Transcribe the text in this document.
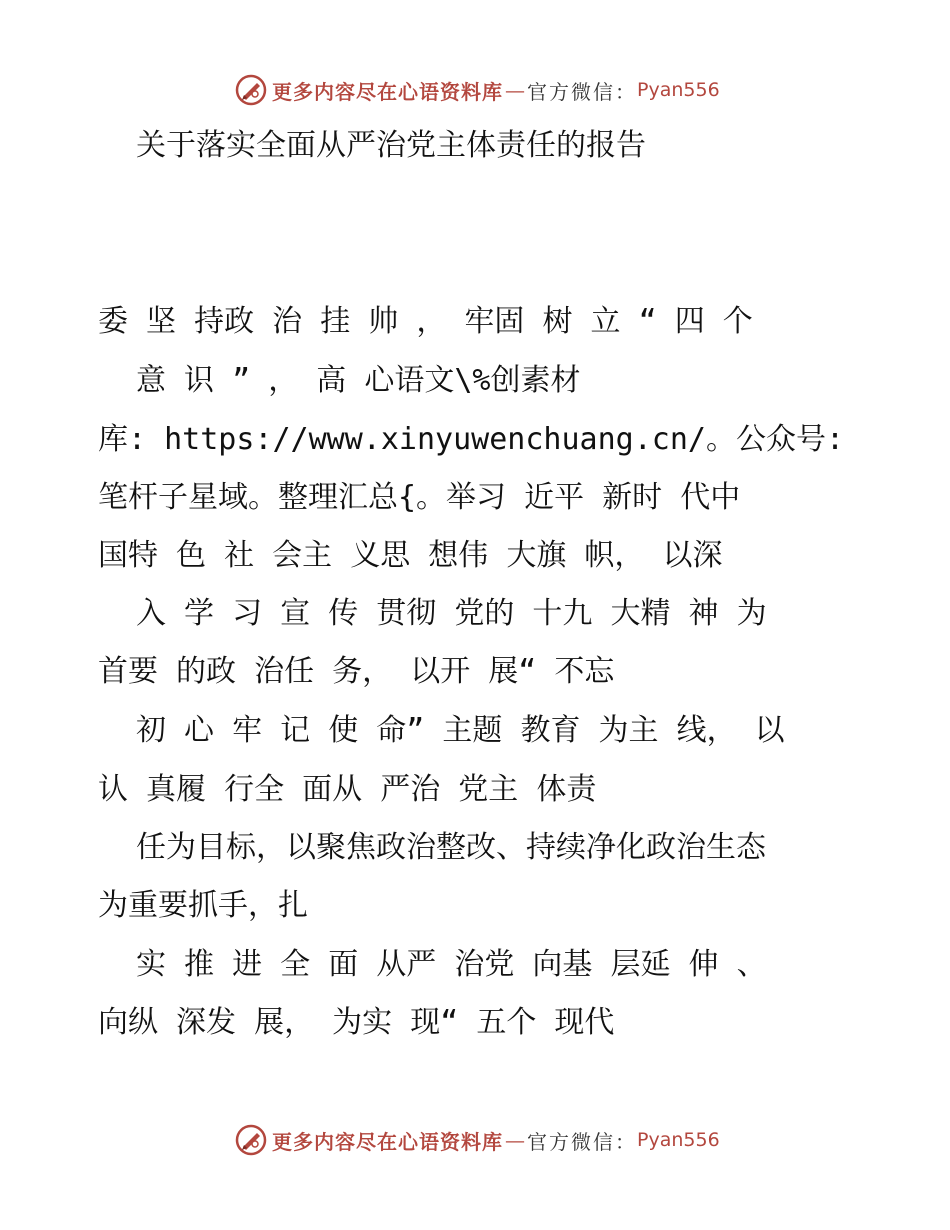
更多内容尽在心语资料库 — 官方微信： Pyan556
关于落实全面从严治党主体责任的报告

委 坚 持政 治 挂 帅 ， 牢固 树 立 “ 四 个
意 识 ” ， 高 心语文\%创素材
库: https://www.xinyuwenchuang.cn/。公众号:
笔杆子星域。整理汇总{。举习 近平 新时 代中
国特 色 社 会主 义思 想伟 大旗 帜， 以深
入 学 习 宣 传 贯彻 党的 十九 大精 神 为
首要 的政 治任 务， 以开 展“ 不忘
初 心 牢 记 使 命” 主题 教育 为主 线， 以
认 真履 行全 面从 严治 党主 体责
任为目标，以聚焦政治整改、持续净化政治生态
为重要抓手，扎
实 推 进 全 面 从严 治党 向基 层延 伸 、
向纵 深发 展， 为实 现“ 五个 现代
更多内容尽在心语资料库 — 官方微信： Pyan556
